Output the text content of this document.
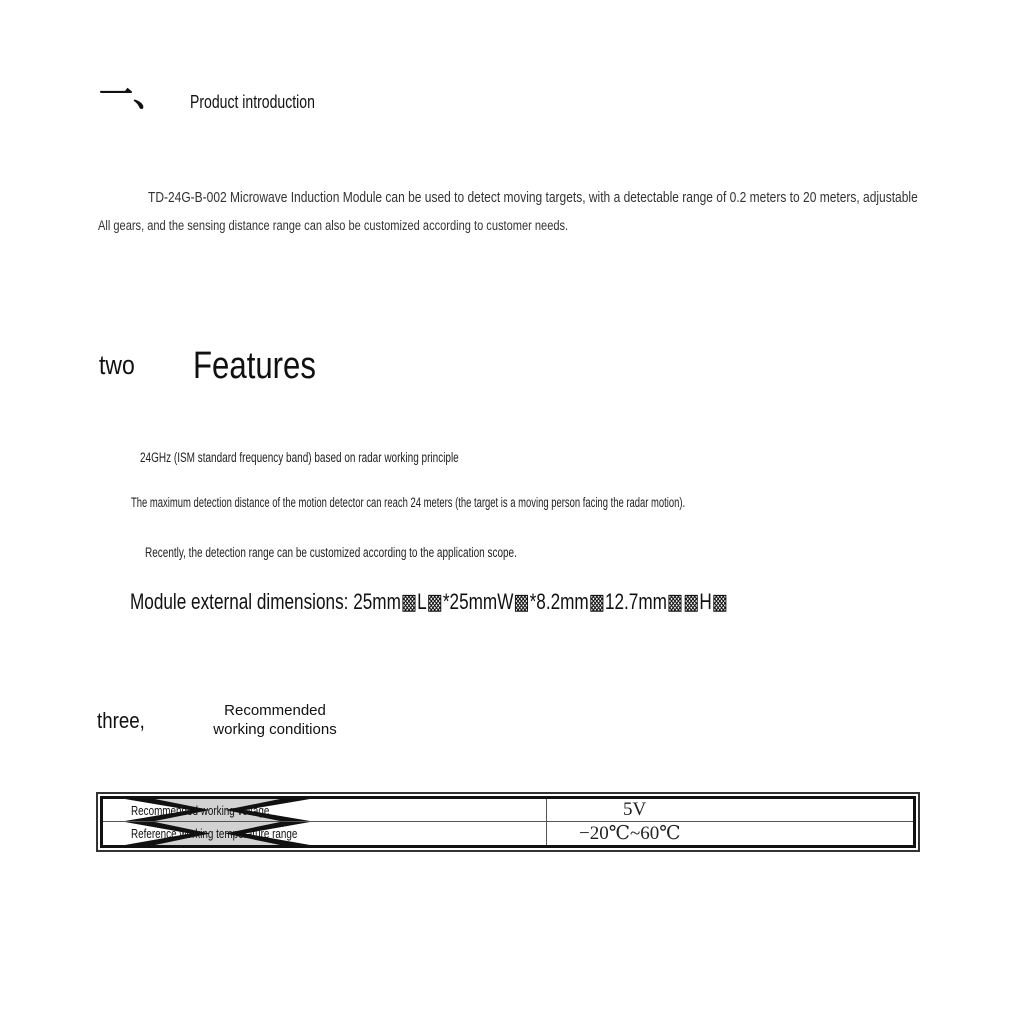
一、 Product introduction
TD-24G-B-002 Microwave Induction Module can be used to detect moving targets, with a detectable range of 0.2 meters to 20 meters, adjustable
All gears, and the sensing distance range can also be customized according to customer needs.
two Features
24GHz (ISM standard frequency band) based on radar working principle
The maximum detection distance of the motion detector can reach 24 meters (the target is a moving person facing the radar motion).
Recently, the detection range can be customized according to the application scope.
Module external dimensions: 25mm▩L▩*25mmW▩*8.2mm▩12.7mm▩▩H▩
three,	Recommended working conditions
Recommended working voltage	5V
Reference working temperature range	−20℃~60℃
